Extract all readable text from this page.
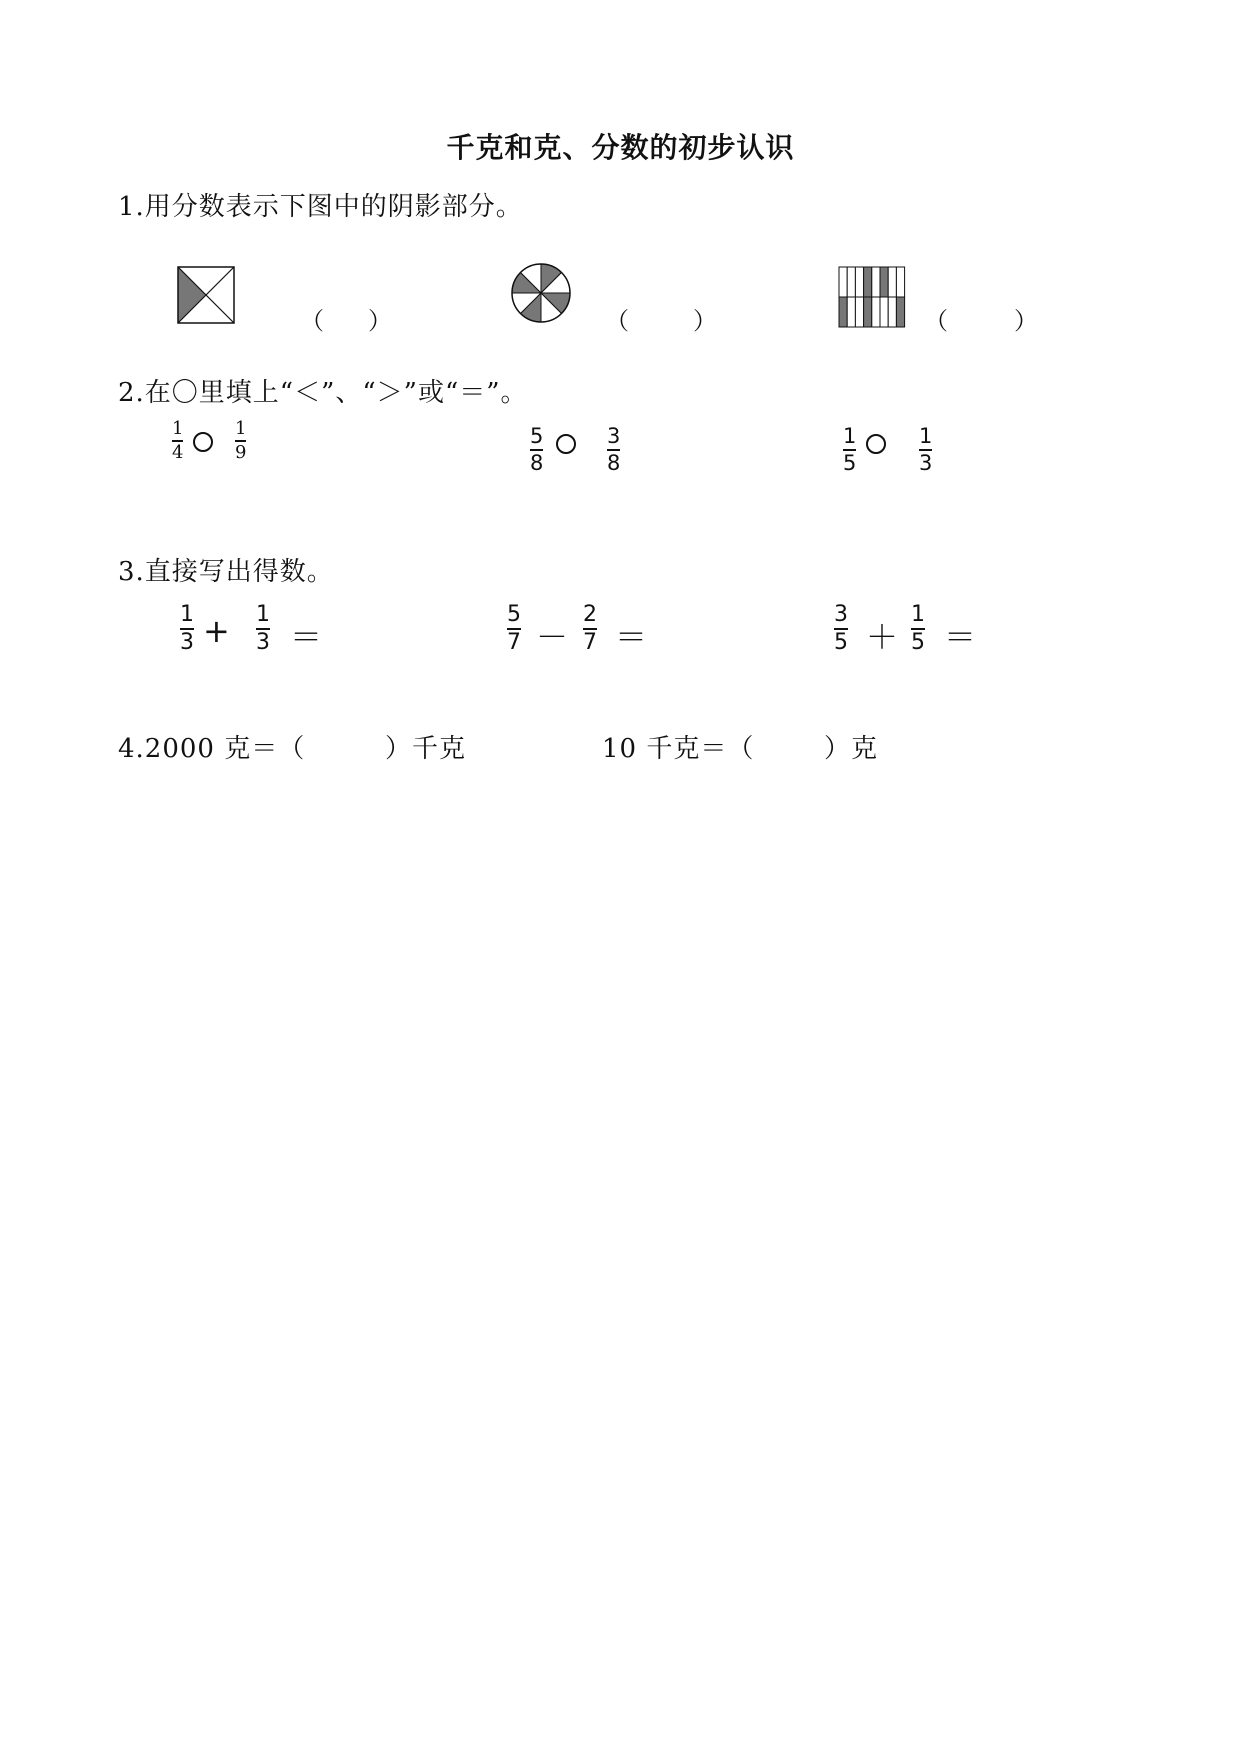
千克和克、分数的初步认识
1.用分数表示下图中的阴影部分。
（ ）	（	）	（	）
2.在〇里填上“＜”、“＞”或“＝”。
1
4
1
9
5
8
3
8
1
5
1
3
3.直接写出得数。
1
3 + 1
3 ＝
5
7 －
2
7 ＝
3
5 ＋
1
5 ＝
4.2000 克＝（	）千克	10 千克＝（	）克
